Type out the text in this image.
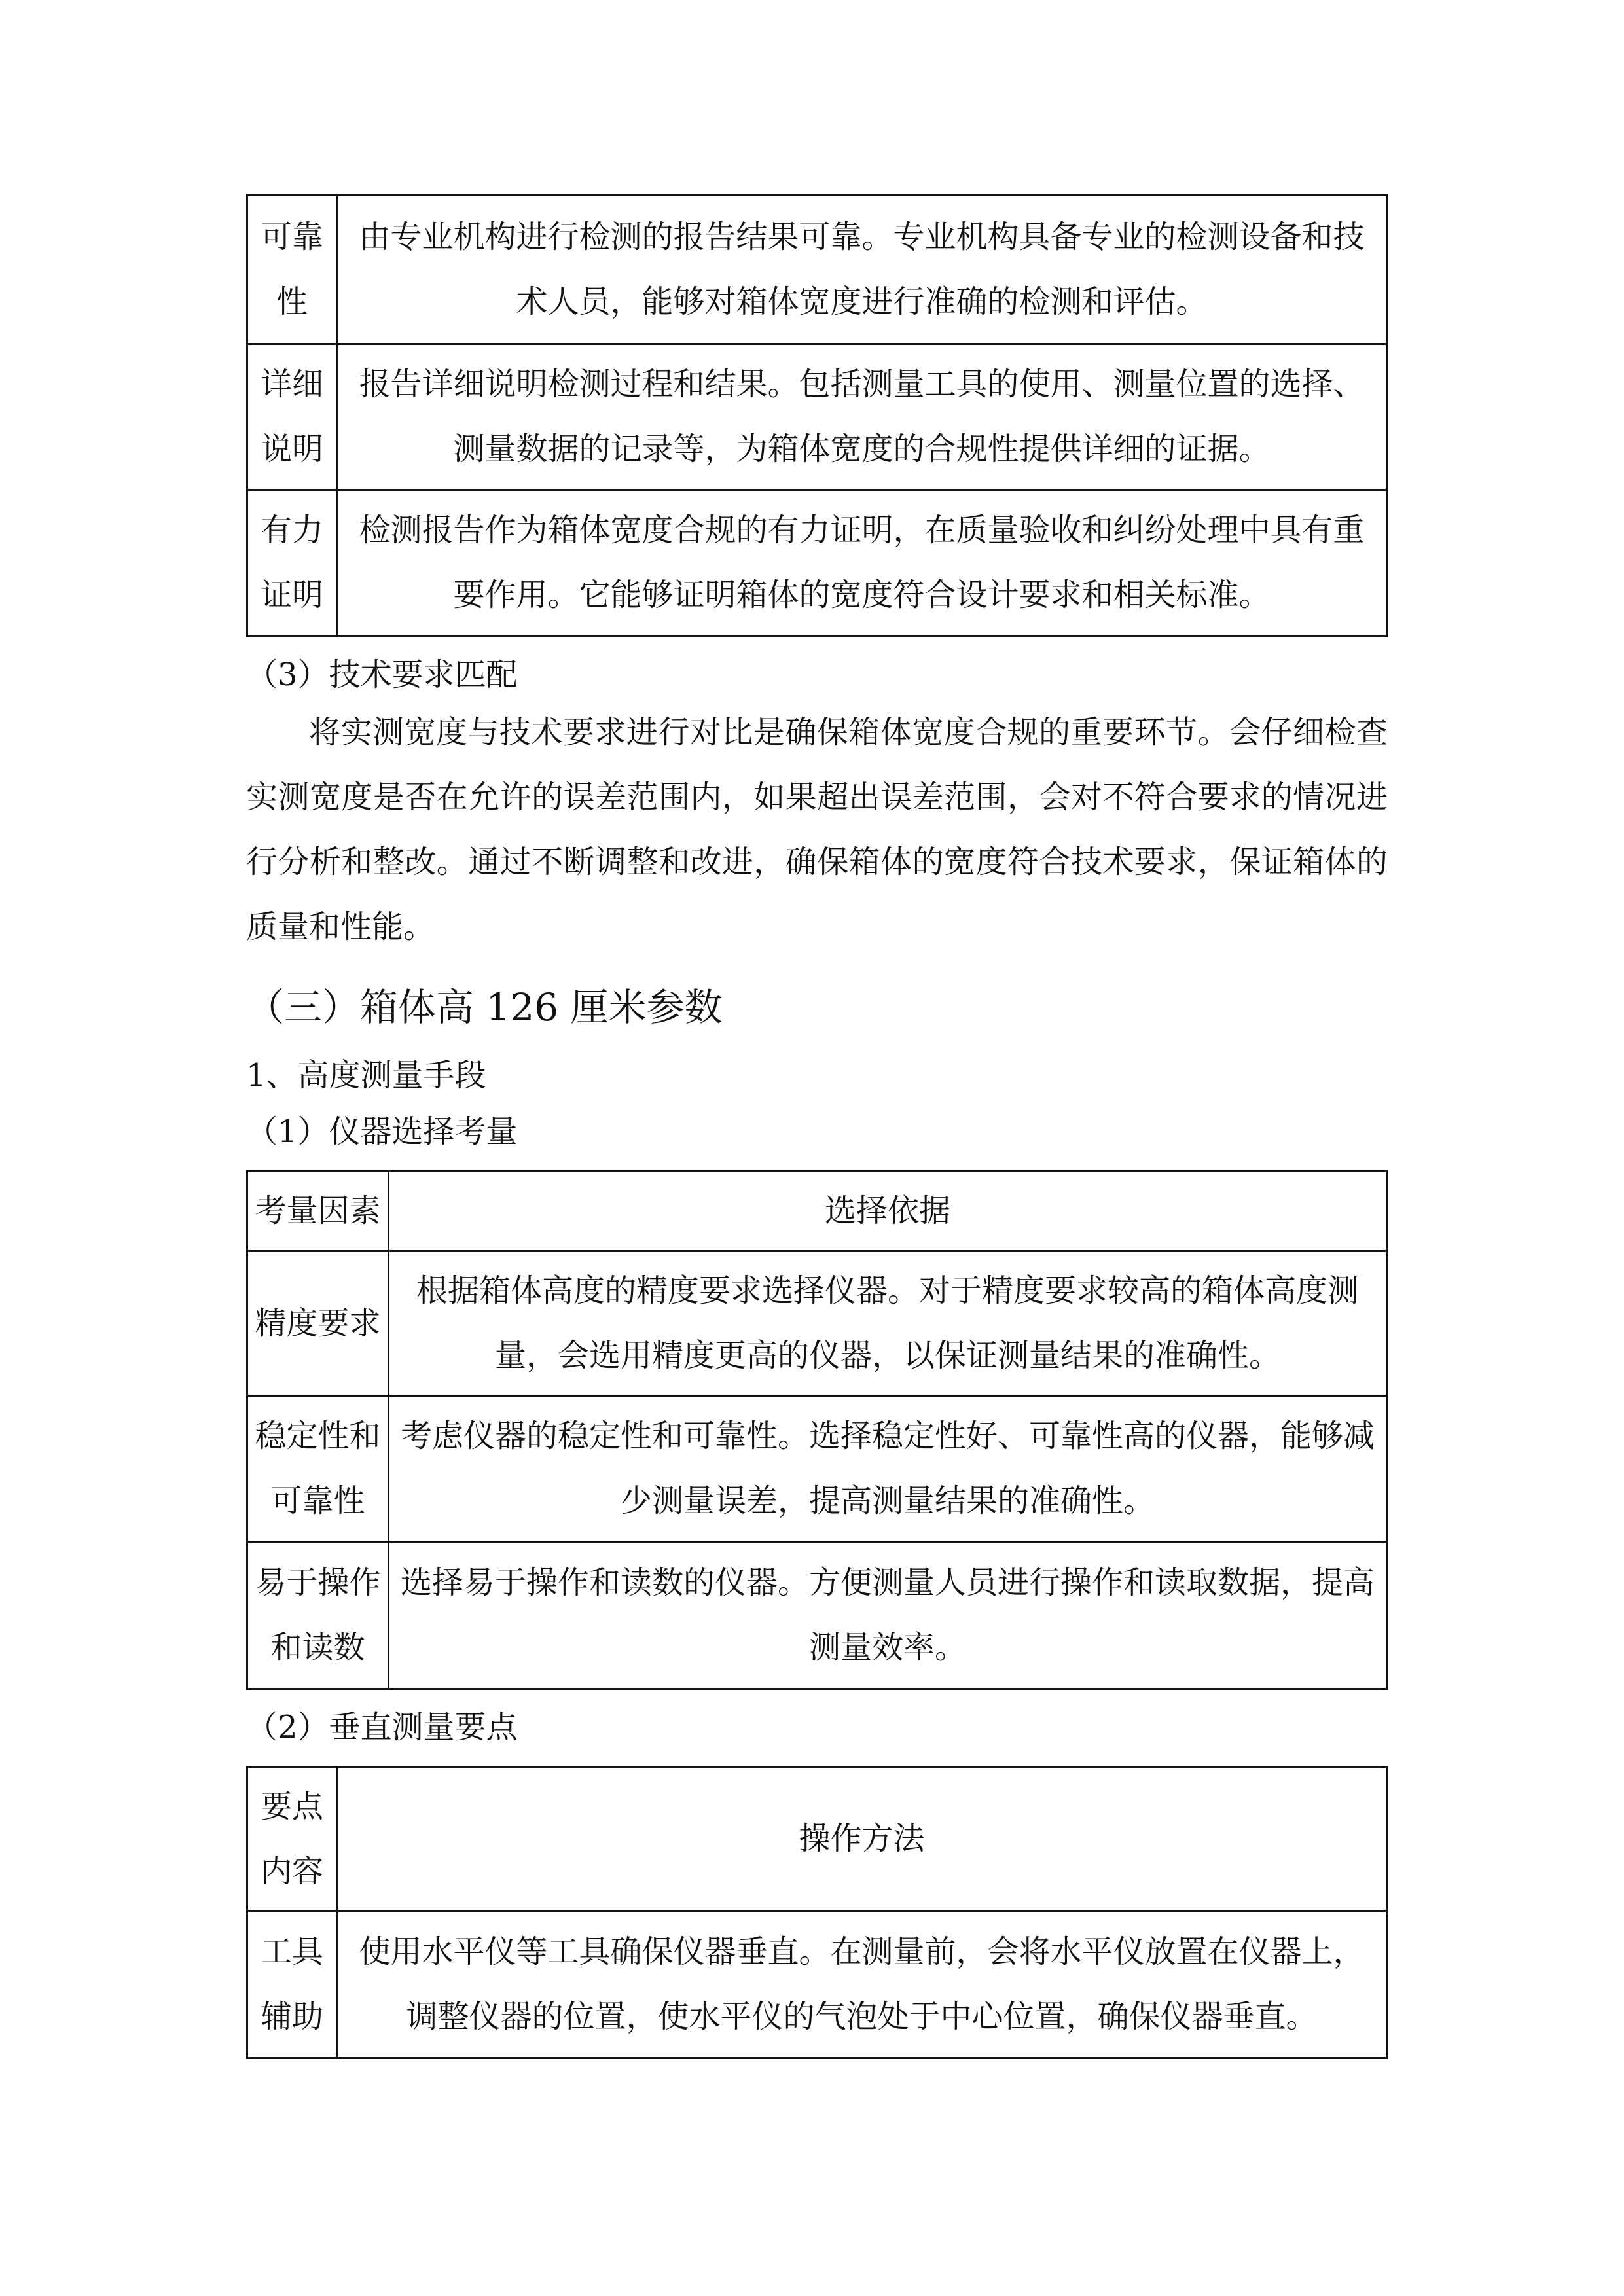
可靠性	由专业机构进行检测的报告结果可靠。专业机构具备专业的检测设备和技术人员，能够对箱体宽度进行准确的检测和评估。
详细说明	报告详细说明检测过程和结果。包括测量工具的使用、测量位置的选择、测量数据的记录等，为箱体宽度的合规性提供详细的证据。
有力证明	检测报告作为箱体宽度合规的有力证明，在质量验收和纠纷处理中具有重要作用。它能够证明箱体的宽度符合设计要求和相关标准。
（3）技术要求匹配
将实测宽度与技术要求进行对比是确保箱体宽度合规的重要环节。会仔细检查实测宽度是否在允许的误差范围内，如果超出误差范围，会对不符合要求的情况进行分析和整改。通过不断调整和改进，确保箱体的宽度符合技术要求，保证箱体的质量和性能。
（三）箱体高 126 厘米参数
1、高度测量手段
（1）仪器选择考量
考量因素	选择依据
精度要求	根据箱体高度的精度要求选择仪器。对于精度要求较高的箱体高度测量，会选用精度更高的仪器，以保证测量结果的准确性。
稳定性和可靠性	考虑仪器的稳定性和可靠性。选择稳定性好、可靠性高的仪器，能够减少测量误差，提高测量结果的准确性。
易于操作和读数	选择易于操作和读数的仪器。方便测量人员进行操作和读取数据，提高测量效率。
（2）垂直测量要点
要点内容	操作方法
工具辅助	使用水平仪等工具确保仪器垂直。在测量前，会将水平仪放置在仪器上，调整仪器的位置，使水平仪的气泡处于中心位置，确保仪器垂直。
